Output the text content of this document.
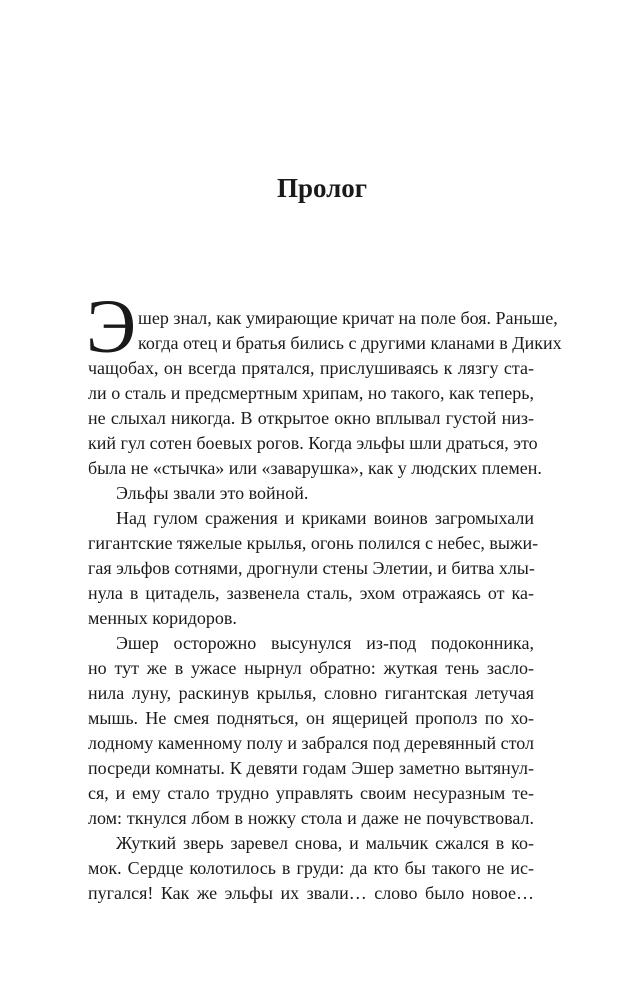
Пролог
Э шер знал, как умирающие кричат на поле боя. Раньше,
когда отец и братья бились с другими кланами в Диких
чащобах, он всегда прятался, прислушиваясь к лязгу ста-
ли о сталь и предсмертным хрипам, но такого, как теперь,
не слыхал никогда. В открытое окно вплывал густой низ-
кий гул сотен боевых рогов. Когда эльфы шли драться, это
была не «стычка» или «заварушка», как у людских племен.
Эльфы звали это войной.
Над гулом сражения и криками воинов загромыхали
гигантские тяжелые крылья, огонь полился с небес, выжи-
гая эльфов сотнями, дрогнули стены Элетии, и битва хлы-
нула в цитадель, зазвенела сталь, эхом отражаясь от ка-
менных коридоров.
Эшер осторожно высунулся из-под подоконника,
но тут же в ужасе нырнул обратно: жуткая тень засло-
нила луну, раскинув крылья, словно гигантская летучая
мышь. Не смея подняться, он ящерицей прополз по хо-
лодному каменному полу и забрался под деревянный стол
посреди комнаты. К девяти годам Эшер заметно вытянул-
ся, и ему стало трудно управлять своим несуразным те-
лом: ткнулся лбом в ножку стола и даже не почувствовал.
Жуткий зверь заревел снова, и мальчик сжался в ко-
мок. Сердце колотилось в груди: да кто бы такого не ис-
пугался! Как же эльфы их звали… слово было новое…
